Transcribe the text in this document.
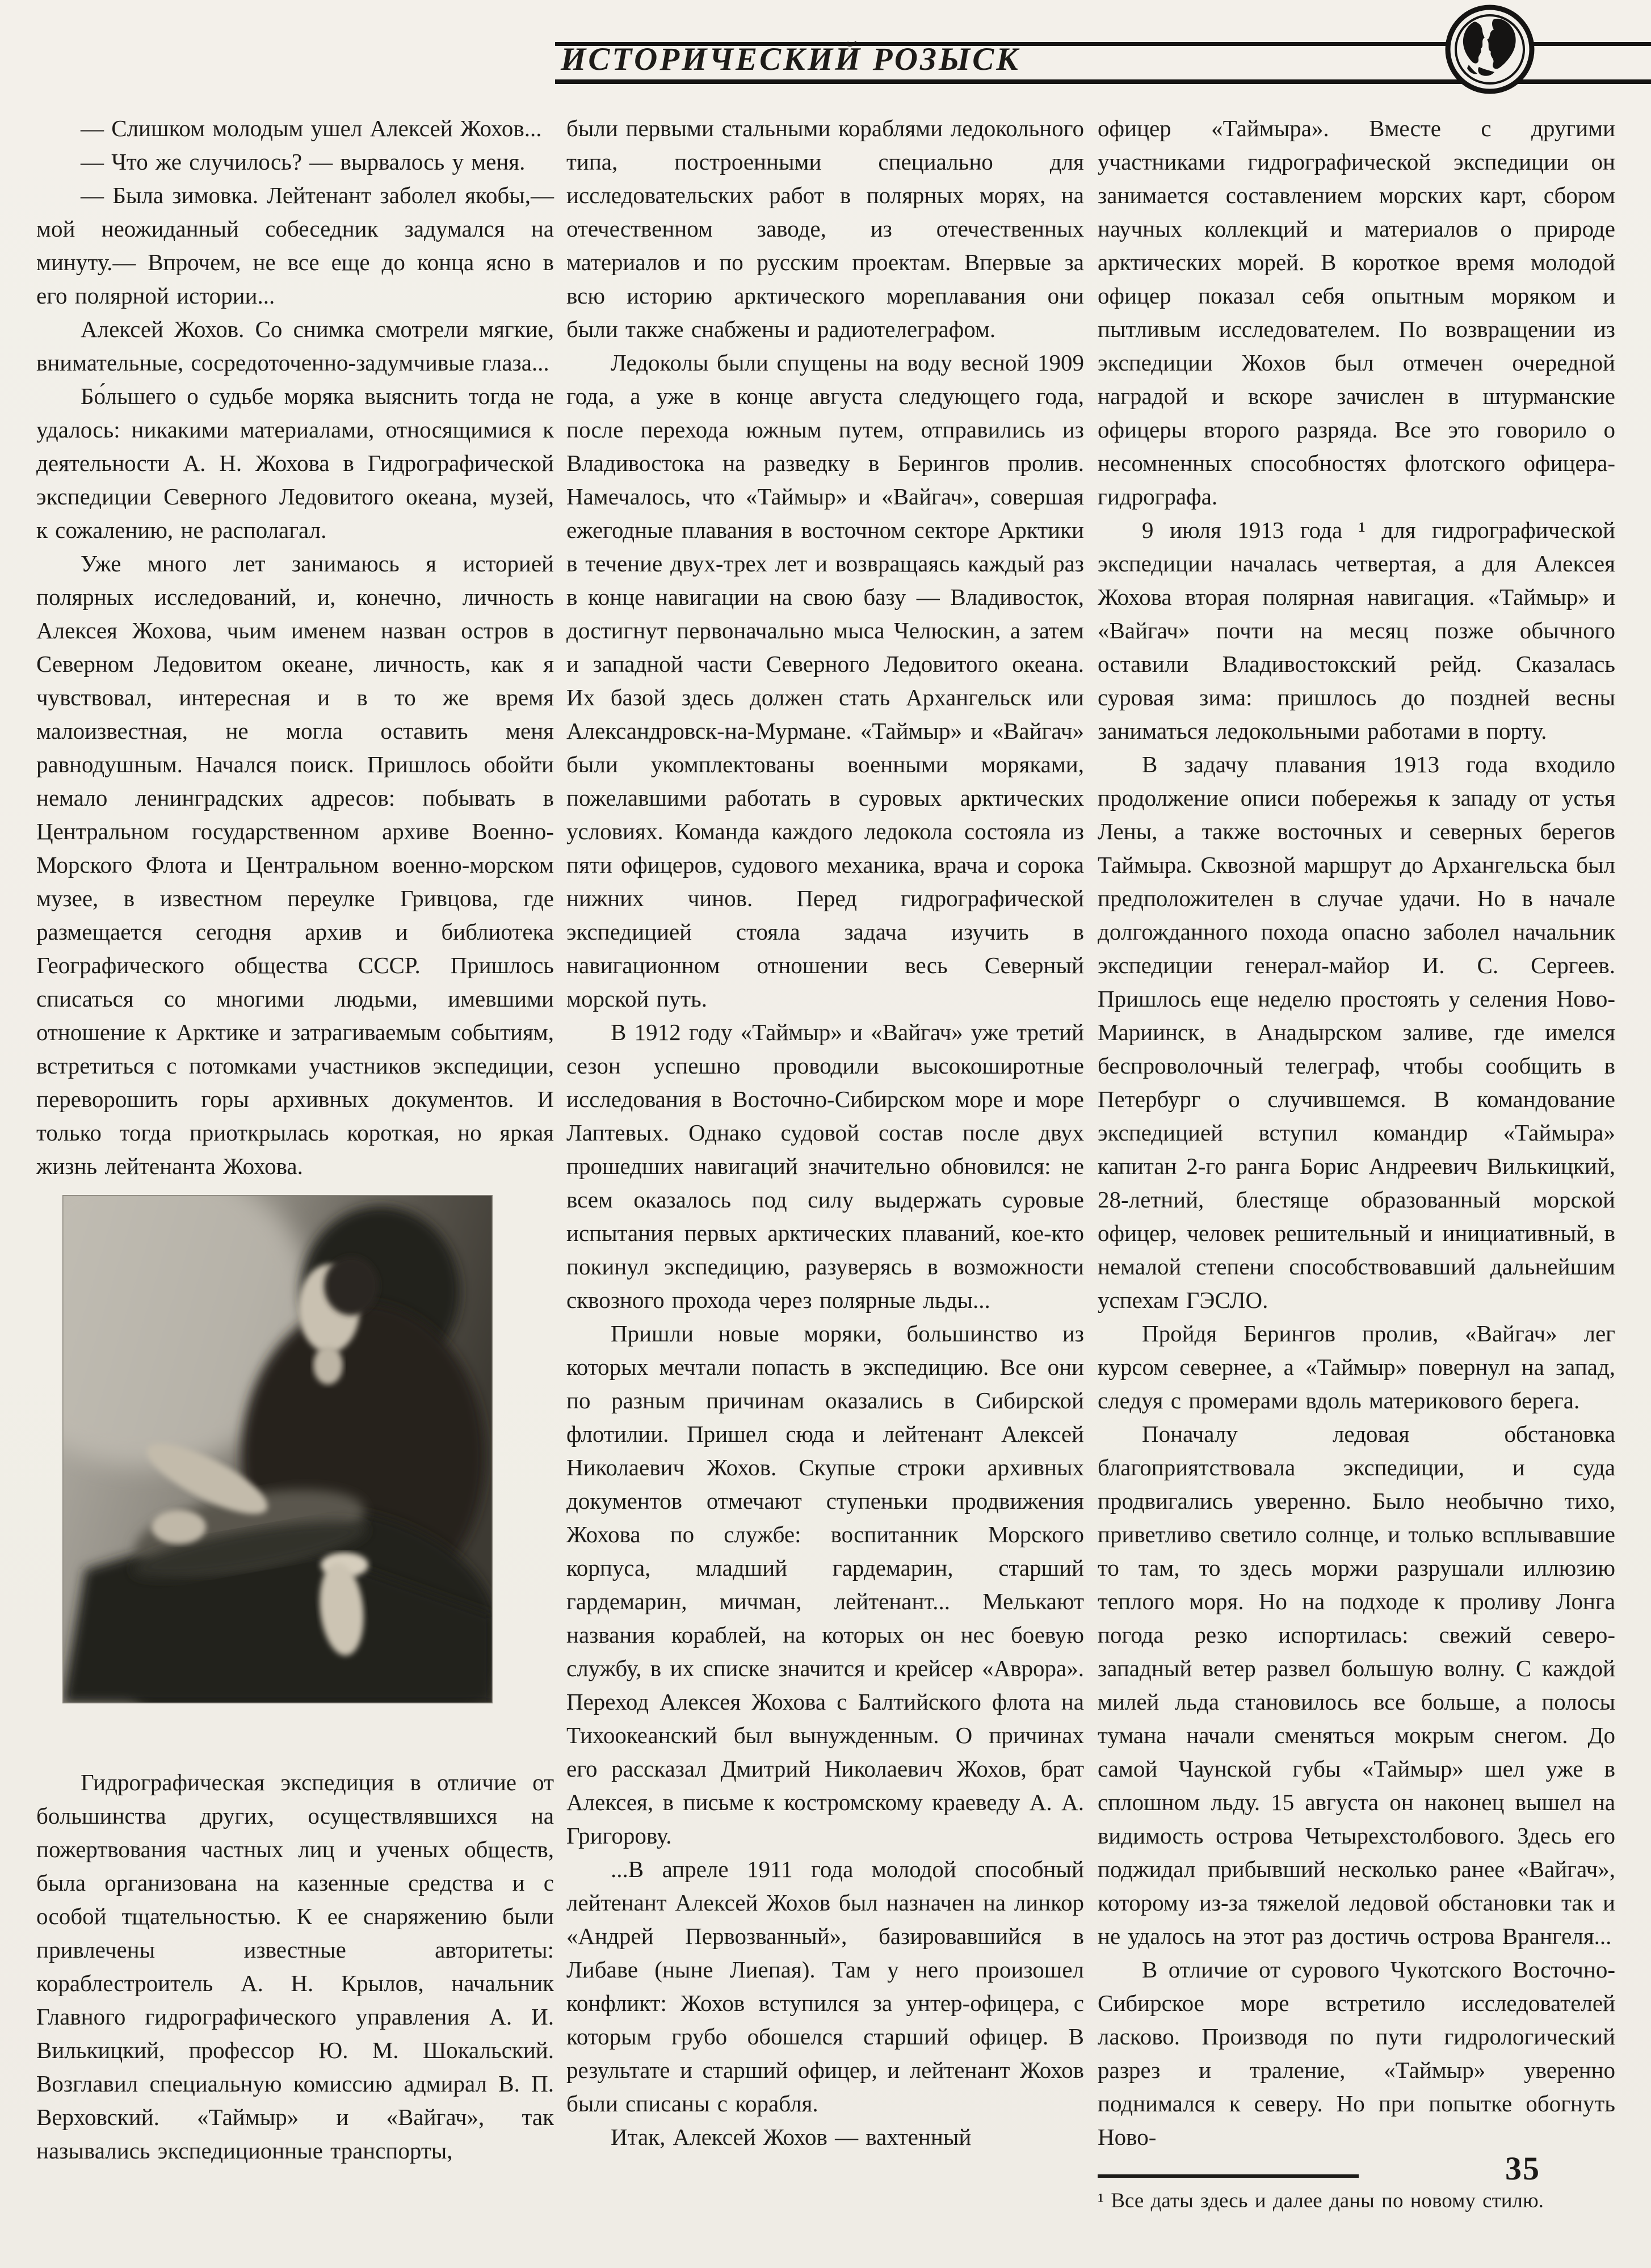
ИСТОРИЧЕСКИЙ РОЗЫСК

— Слишком молодым ушел Алексей Жохов...

— Что же случилось? — вырвалось у меня.

— Была зимовка. Лейтенант заболел якобы,— мой неожиданный собеседник задумался на минуту.— Впрочем, не все еще до конца ясно в его полярной истории...

Алексей Жохов. Со снимка смотрели мягкие, внимательные, сосредоточенно-задумчивые глаза...

Бо́льшего о судьбе моряка выяснить тогда не удалось: никакими материалами, относящимися к деятельности А. Н. Жохова в Гидрографической экспедиции Северного Ледовитого океана, музей, к сожалению, не располагал.

Уже много лет занимаюсь я историей полярных исследований, и, конечно, личность Алексея Жохова, чьим именем назван остров в Северном Ледовитом океане, личность, как я чувствовал, интересная и в то же время малоизвестная, не могла оставить меня равнодушным. Начался поиск. Пришлось обойти немало ленинградских адресов: побывать в Центральном государственном архиве Военно-Морского Флота и Центральном военно-морском музее, в известном переулке Гривцова, где размещается сегодня архив и библиотека Географического общества СССР. Пришлось списаться со многими людьми, имевшими отношение к Арктике и затрагиваемым событиям, встретиться с потомками участников экспедиции, переворошить горы архивных документов. И только тогда приоткрылась короткая, но яркая жизнь лейтенанта Жохова.

Гидрографическая экспедиция в отличие от большинства других, осуществлявшихся на пожертвования частных лиц и ученых обществ, была организована на казенные средства и с особой тщательностью. К ее снаряжению были привлечены известные авторитеты: кораблестроитель А. Н. Крылов, начальник Главного гидрографического управления А. И. Вилькицкий, профессор Ю. М. Шокальский. Возглавил специальную комиссию адмирал В. П. Верховский. «Таймыр» и «Вайгач», так назывались экспедиционные транспорты,

были первыми стальными кораблями ледокольного типа, построенными специально для исследовательских работ в полярных морях, на отечественном заводе, из отечественных материалов и по русским проектам. Впервые за всю историю арктического мореплавания они были также снабжены и радиотелеграфом.

Ледоколы были спущены на воду весной 1909 года, а уже в конце августа следующего года, после перехода южным путем, отправились из Владивостока на разведку в Берингов пролив. Намечалось, что «Таймыр» и «Вайгач», совершая ежегодные плавания в восточном секторе Арктики в течение двух-трех лет и возвращаясь каждый раз в конце навигации на свою базу — Владивосток, достигнут первоначально мыса Челюскин, а затем и западной части Северного Ледовитого океана. Их базой здесь должен стать Архангельск или Александровск-на-Мурмане. «Таймыр» и «Вайгач» были укомплектованы военными моряками, пожелавшими работать в суровых арктических условиях. Команда каждого ледокола состояла из пяти офицеров, судового механика, врача и сорока нижних чинов. Перед гидрографической экспедицией стояла задача изучить в навигационном отношении весь Северный морской путь.

В 1912 году «Таймыр» и «Вайгач» уже третий сезон успешно проводили высокоширотные исследования в Восточно-Сибирском море и море Лаптевых. Однако судовой состав после двух прошедших навигаций значительно обновился: не всем оказалось под силу выдержать суровые испытания первых арктических плаваний, кое-кто покинул экспедицию, разуверясь в возможности сквозного прохода через полярные льды...

Пришли новые моряки, большинство из которых мечтали попасть в экспедицию. Все они по разным причинам оказались в Сибирской флотилии. Пришел сюда и лейтенант Алексей Николаевич Жохов. Скупые строки архивных документов отмечают ступеньки продвижения Жохова по службе: воспитанник Морского корпуса, младший гардемарин, старший гардемарин, мичман, лейтенант... Мелькают названия кораблей, на которых он нес боевую службу, в их списке значится и крейсер «Аврора». Переход Алексея Жохова с Балтийского флота на Тихоокеанский был вынужденным. О причинах его рассказал Дмитрий Николаевич Жохов, брат Алексея, в письме к костромскому краеведу А. А. Григорову.

...В апреле 1911 года молодой способный лейтенант Алексей Жохов был назначен на линкор «Андрей Первозванный», базировавшийся в Либаве (ныне Лиепая). Там у него произошел конфликт: Жохов вступился за унтер-офицера, с которым грубо обошелся старший офицер. В результате и старший офицер, и лейтенант Жохов были списаны с корабля.

Итак, Алексей Жохов — вахтенный

офицер «Таймыра». Вместе с другими участниками гидрографической экспедиции он занимается составлением морских карт, сбором научных коллекций и материалов о природе арктических морей. В короткое время молодой офицер показал себя опытным моряком и пытливым исследователем. По возвращении из экспедиции Жохов был отмечен очередной наградой и вскоре зачислен в штурманские офицеры второго разряда. Все это говорило о несомненных способностях флотского офицера-гидрографа.

9 июля 1913 года ¹ для гидрографической экспедиции началась четвертая, а для Алексея Жохова вторая полярная навигация. «Таймыр» и «Вайгач» почти на месяц позже обычного оставили Владивостокский рейд. Сказалась суровая зима: пришлось до поздней весны заниматься ледокольными работами в порту.

В задачу плавания 1913 года входило продолжение описи побережья к западу от устья Лены, а также восточных и северных берегов Таймыра. Сквозной маршрут до Архангельска был предположителен в случае удачи. Но в начале долгожданного похода опасно заболел начальник экспедиции генерал-майор И. С. Сергеев. Пришлось еще неделю простоять у селения Ново-Мариинск, в Анадырском заливе, где имелся беспроволочный телеграф, чтобы сообщить в Петербург о случившемся. В командование экспедицией вступил командир «Таймыра» капитан 2-го ранга Борис Андреевич Вилькицкий, 28-летний, блестяще образованный морской офицер, человек решительный и инициативный, в немалой степени способствовавший дальнейшим успехам ГЭСЛО.

Пройдя Берингов пролив, «Вайгач» лег курсом севернее, а «Таймыр» повернул на запад, следуя с промерами вдоль материкового берега.

Поначалу ледовая обстановка благоприятствовала экспедиции, и суда продвигались уверенно. Было необычно тихо, приветливо светило солнце, и только всплывавшие то там, то здесь моржи разрушали иллюзию теплого моря. Но на подходе к проливу Лонга погода резко испортилась: свежий северо-западный ветер развел большую волну. С каждой милей льда становилось все больше, а полосы тумана начали сменяться мокрым снегом. До самой Чаунской губы «Таймыр» шел уже в сплошном льду. 15 августа он наконец вышел на видимость острова Четырехстолбового. Здесь его поджидал прибывший несколько ранее «Вайгач», которому из-за тяжелой ледовой обстановки так и не удалось на этот раз достичь острова Врангеля...

В отличие от сурового Чукотского Восточно-Сибирское море встретило исследователей ласково. Производя по пути гидрологический разрез и траление, «Таймыр» уверенно поднимался к северу. Но при попытке обогнуть Ново-

¹ Все даты здесь и далее даны по новому стилю.

35
